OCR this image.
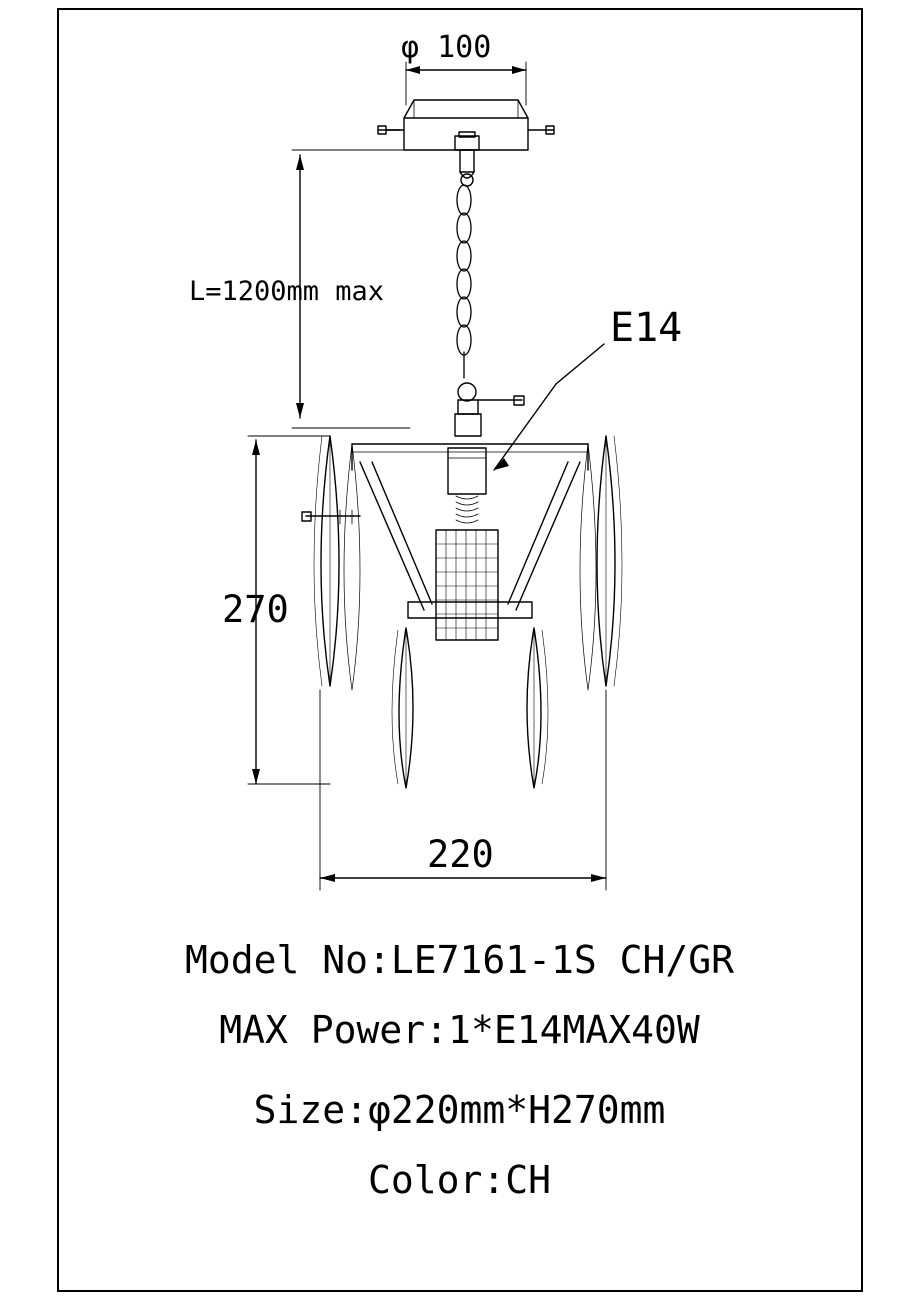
φ 100
L=1200mm max
270
220
E14
Model No:LE7161-1S CH/GR
MAX Power:1*E14MAX40W
Size:φ220mm*H270mm
Color:CH
